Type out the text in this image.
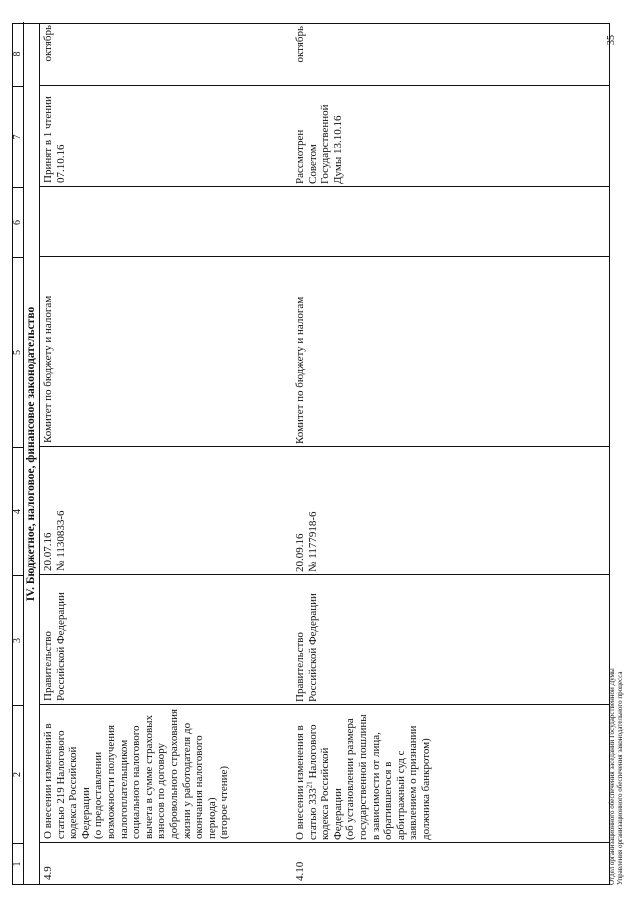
1
2
3
4
5
6
7
8
IV. Бюджетное, налоговое, финансовое законодательство
4.9
О внесении изменений в статью 219 Налогового кодекса Российской Федерации
(о предоставлении возможности получения налогоплательщиком социального налогового вычета в сумме страховых взносов по договору добровольного страхования жизни у работодателя до окончания налогового периода)
(второе чтение)
Правительство Российской Федерации
20.07.16
№ 1130833-6
Комитет по бюджету и налогам
Принят в 1 чтении 07.10.16
октябрь
4.10
О внесении изменения в статью $333^{21}$ Налогового кодекса Российской Федерации
(об установлении размера государственной пошлины в зависимости от лица, обратившегося в арбитражный суд с заявлением о признании должника банкротом)
Правительство Российской Федерации
20.09.16
№ 1177918-6
Комитет по бюджету и налогам
Рассмотрен Советом Государственной Думы 13.10.16
октябрь
Отдел организационного обеспечения заседаний Государственной Думы Управления организационного обеспечения законодательного процесса
35
